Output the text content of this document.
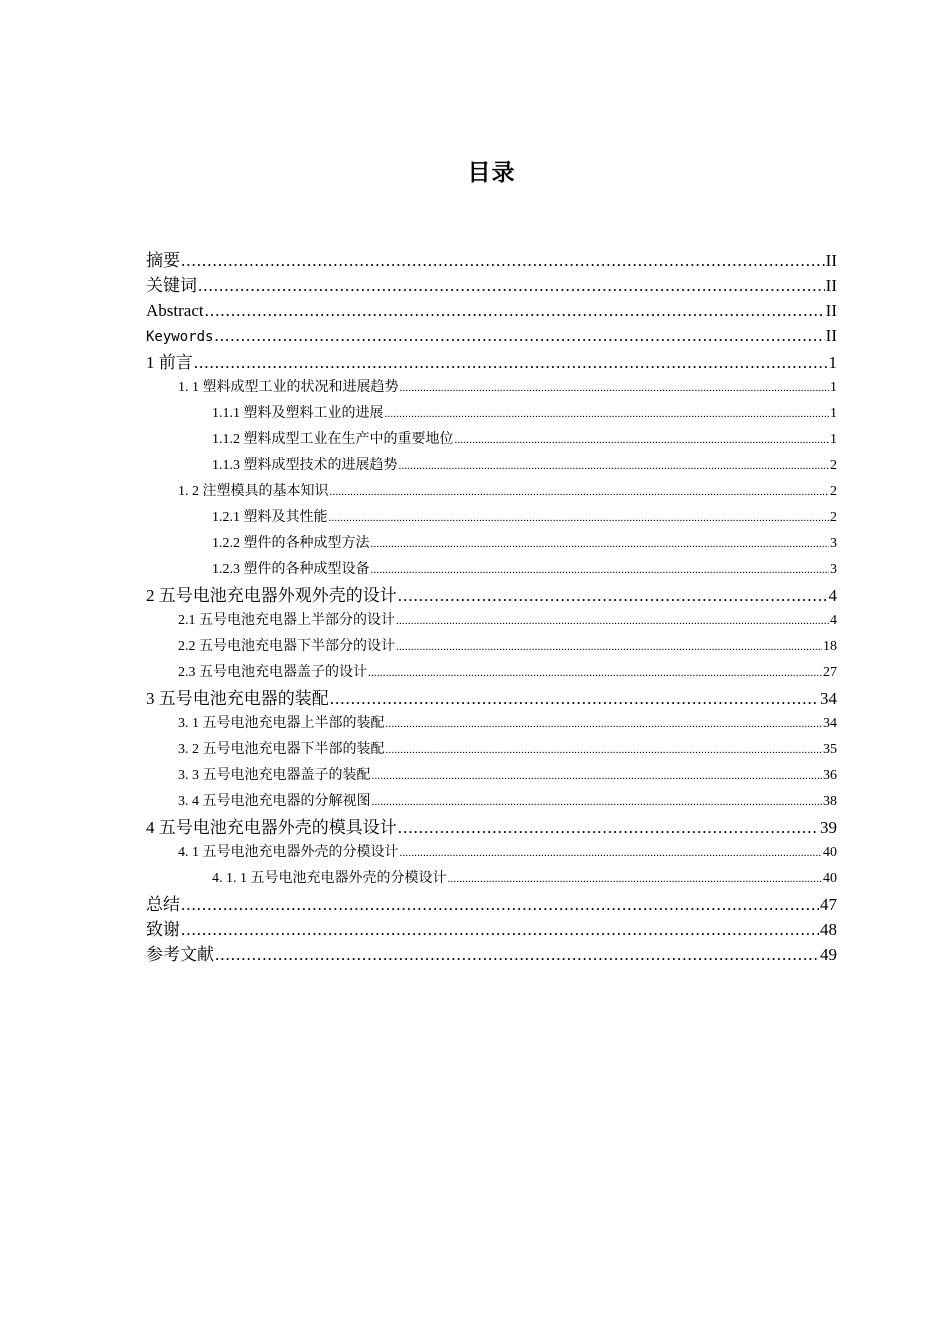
目录
摘要 .....	II
关键词 .....	II
Abstract .....	II
Keywords .....	II
1 前言 .....	1
1. 1 塑料成型工业的状况和进展趋势 .....	1
1.1.1 塑料及塑料工业的进展 .....	1
1.1.2 塑料成型工业在生产中的重要地位 .....	1
1.1.3 塑料成型技术的进展趋势 .....	2
1. 2 注塑模具的基本知识 .....	2
1.2.1 塑料及其性能 .....	2
1.2.2 塑件的各种成型方法 .....	3
1.2.3 塑件的各种成型设备 .....	3
2 五号电池充电器外观外壳的设计 .....	4
2.1 五号电池充电器上半部分的设计 .....	4
2.2 五号电池充电器下半部分的设计 .....	18
2.3 五号电池充电器盖子的设计 .....	27
3 五号电池充电器的装配 .....	34
3. 1 五号电池充电器上半部的装配 .....	34
3. 2 五号电池充电器下半部的装配 .....	35
3. 3 五号电池充电器盖子的装配 .....	36
3. 4 五号电池充电器的分解视图 .....	38
4 五号电池充电器外壳的模具设计 .....	39
4. 1 五号电池充电器外壳的分模设计 .....	40
4. 1. 1 五号电池充电器外壳的分模设计 .....	40
总结 .....	47
致谢 .....	48
参考文献 .....	49
